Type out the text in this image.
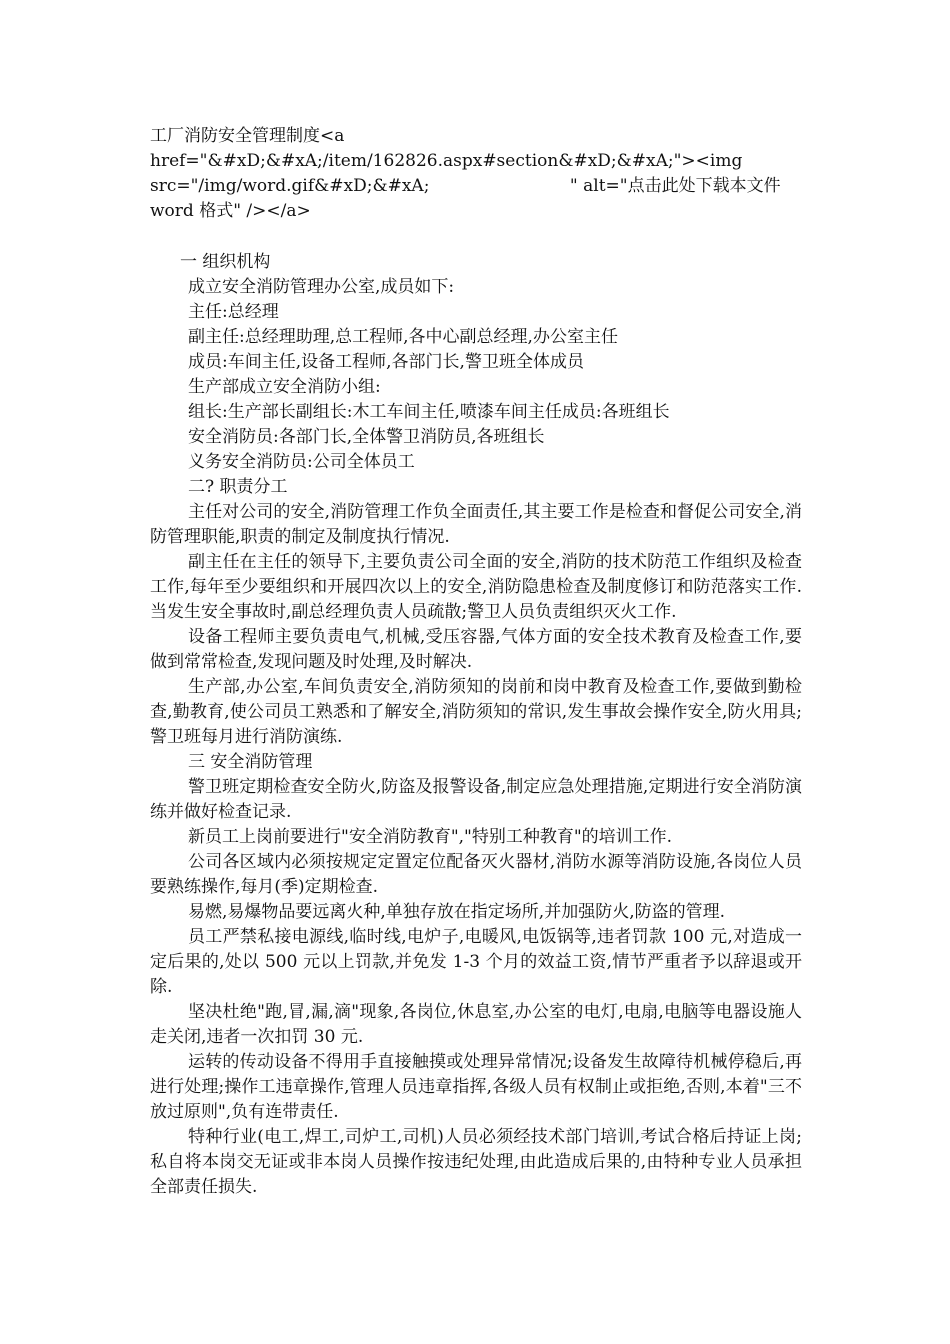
工厂消防安全管理制度<a
href="&#xD;&#xA;/item/162826.aspx#section&#xD;&#xA;"><img
src="/img/word.gif&#xD;&#xA;                          " alt="点击此处下载本文件
word 格式" /></a>
一 组织机构
成立安全消防管理办公室,成员如下:
主任:总经理
副主任:总经理助理,总工程师,各中心副总经理,办公室主任
成员:车间主任,设备工程师,各部门长,警卫班全体成员
生产部成立安全消防小组:
组长:生产部长副组长:木工车间主任,喷漆车间主任成员:各班组长
安全消防员:各部门长,全体警卫消防员,各班组长
义务安全消防员:公司全体员工
二? 职责分工
主任对公司的安全,消防管理工作负全面责任,其主要工作是检查和督促公司安全,消防管理职能,职责的制定及制度执行情况.
副主任在主任的领导下,主要负责公司全面的安全,消防的技术防范工作组织及检查工作,每年至少要组织和开展四次以上的安全,消防隐患检查及制度修订和防范落实工作.当发生安全事故时,副总经理负责人员疏散;警卫人员负责组织灭火工作.
设备工程师主要负责电气,机械,受压容器,气体方面的安全技术教育及检查工作,要做到常常检查,发现问题及时处理,及时解决.
生产部,办公室,车间负责安全,消防须知的岗前和岗中教育及检查工作,要做到勤检查,勤教育,使公司员工熟悉和了解安全,消防须知的常识,发生事故会操作安全,防火用具;警卫班每月进行消防演练.
三 安全消防管理
警卫班定期检查安全防火,防盗及报警设备,制定应急处理措施,定期进行安全消防演练并做好检查记录.
新员工上岗前要进行"安全消防教育","特别工种教育"的培训工作.
公司各区域内必须按规定定置定位配备灭火器材,消防水源等消防设施,各岗位人员要熟练操作,每月(季)定期检查.
易燃,易爆物品要远离火种,单独存放在指定场所,并加强防火,防盗的管理.
员工严禁私接电源线,临时线,电炉子,电暖风,电饭锅等,违者罚款 100 元,对造成一定后果的,处以 500 元以上罚款,并免发 1-3 个月的效益工资,情节严重者予以辞退或开除.
坚决杜绝"跑,冒,漏,滴"现象,各岗位,休息室,办公室的电灯,电扇,电脑等电器设施人走关闭,违者一次扣罚 30 元.
运转的传动设备不得用手直接触摸或处理异常情况;设备发生故障待机械停稳后,再进行处理;操作工违章操作,管理人员违章指挥,各级人员有权制止或拒绝,否则,本着"三不放过原则",负有连带责任.
特种行业(电工,焊工,司炉工,司机)人员必须经技术部门培训,考试合格后持证上岗;私自将本岗交无证或非本岗人员操作按违纪处理,由此造成后果的,由特种专业人员承担全部责任损失.
